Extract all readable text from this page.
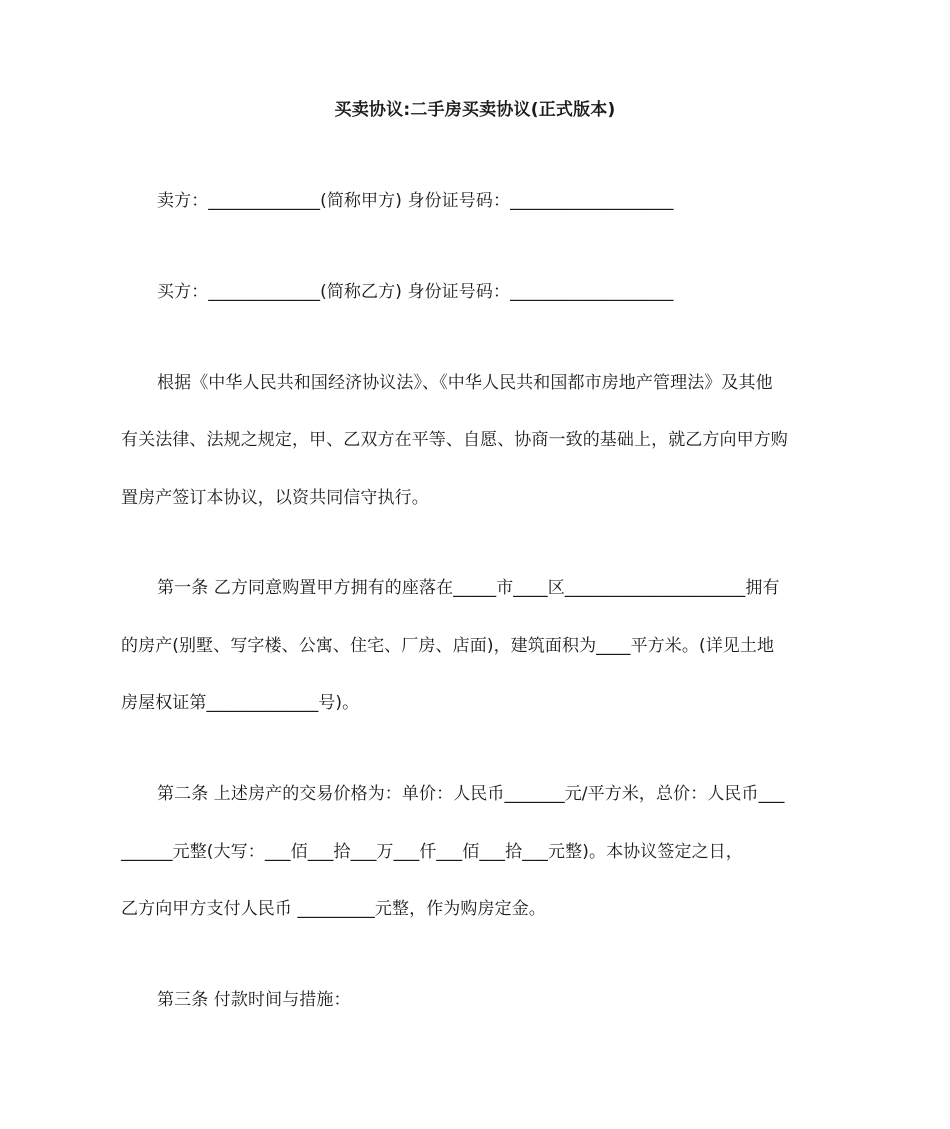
买卖协议:二手房买卖协议(正式版本)
卖方：_____________(简称甲方) 身份证号码：___________________
买方：_____________(简称乙方) 身份证号码：___________________
根据《中华人民共和国经济协议法》、《中华人民共和国都市房地产管理法》及其他
有关法律、法规之规定，甲、乙双方在平等、自愿、协商一致的基础上，就乙方向甲方购
置房产签订本协议，以资共同信守执行。
第一条 乙方同意购置甲方拥有的座落在_____市____区_____________________拥有
的房产(别墅、写字楼、公寓、住宅、厂房、店面)，建筑面积为____平方米。(详见土地
房屋权证第_____________号)。
第二条 上述房产的交易价格为：单价：人民币_______元/平方米，总价：人民币___
______元整(大写：___佰___拾___万___仟___佰___拾___元整)。本协议签定之日，
乙方向甲方支付人民币 _________元整，作为购房定金。
第三条 付款时间与措施：
